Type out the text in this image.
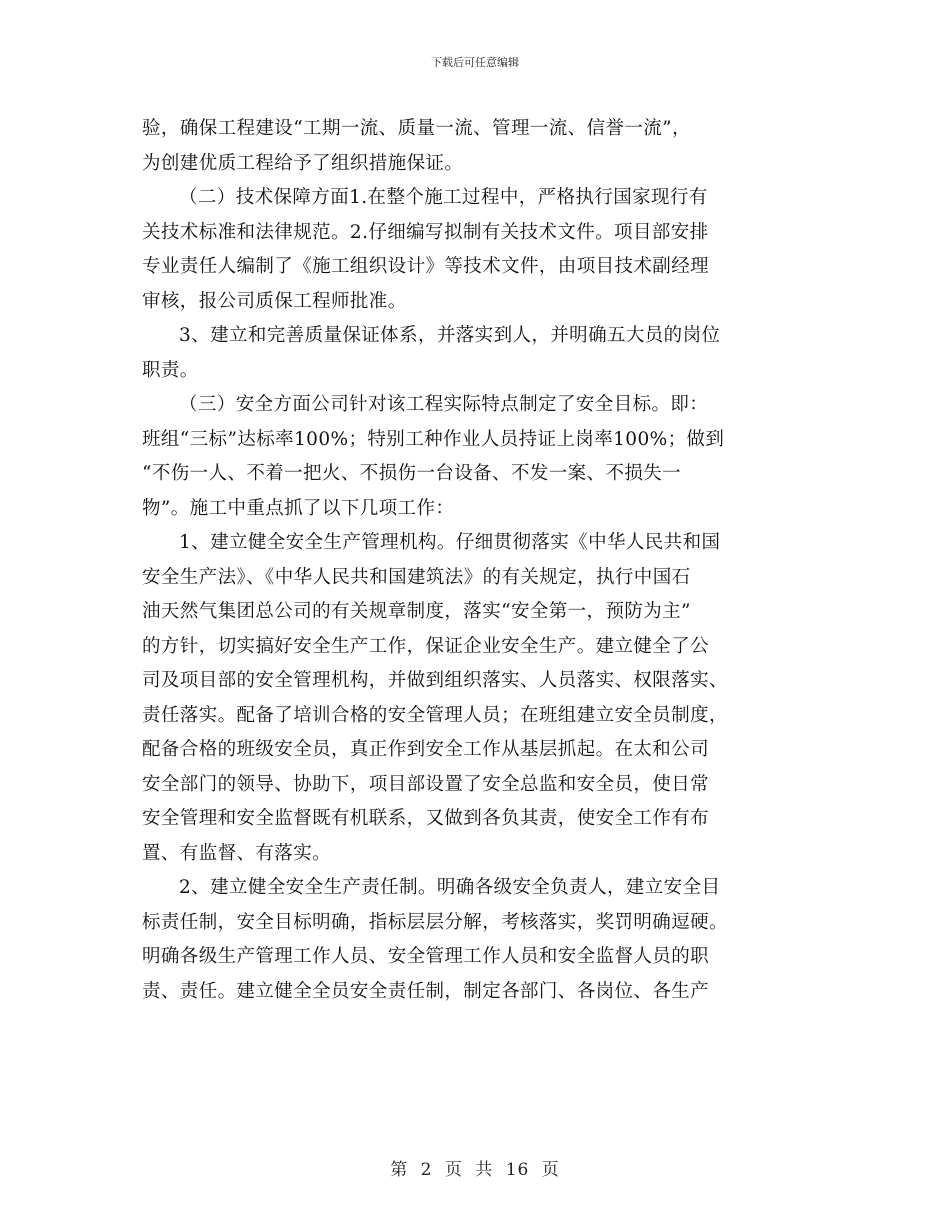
下载后可任意编辑
验，确保工程建设“工期一流、质量一流、管理一流、信誉一流”，
为创建优质工程给予了组织措施保证。
（二）技术保障方面1.在整个施工过程中，严格执行国家现行有
关技术标准和法律规范。2.仔细编写拟制有关技术文件。项目部安排
专业责任人编制了《施工组织设计》等技术文件，由项目技术副经理
审核，报公司质保工程师批准。
3、建立和完善质量保证体系，并落实到人，并明确五大员的岗位
职责。
（三）安全方面公司针对该工程实际特点制定了安全目标。即：
班组“三标”达标率100%；特别工种作业人员持证上岗率100%；做到
“不伤一人、不着一把火、不损伤一台设备、不发一案、不损失一
物”。施工中重点抓了以下几项工作：
1、建立健全安全生产管理机构。仔细贯彻落实《中华人民共和国
安全生产法》、《中华人民共和国建筑法》的有关规定，执行中国石
油天然气集团总公司的有关规章制度，落实“安全第一，预防为主”
的方针，切实搞好安全生产工作，保证企业安全生产。建立健全了公
司及项目部的安全管理机构，并做到组织落实、人员落实、权限落实、
责任落实。配备了培训合格的安全管理人员；在班组建立安全员制度，
配备合格的班级安全员，真正作到安全工作从基层抓起。在太和公司
安全部门的领导、协助下，项目部设置了安全总监和安全员，使日常
安全管理和安全监督既有机联系，又做到各负其责，使安全工作有布
置、有监督、有落实。
2、建立健全安全生产责任制。明确各级安全负责人，建立安全目
标责任制，安全目标明确，指标层层分解，考核落实，奖罚明确逗硬。
明确各级生产管理工作人员、安全管理工作人员和安全监督人员的职
责、责任。建立健全全员安全责任制，制定各部门、各岗位、各生产
第 2 页 共 16 页
